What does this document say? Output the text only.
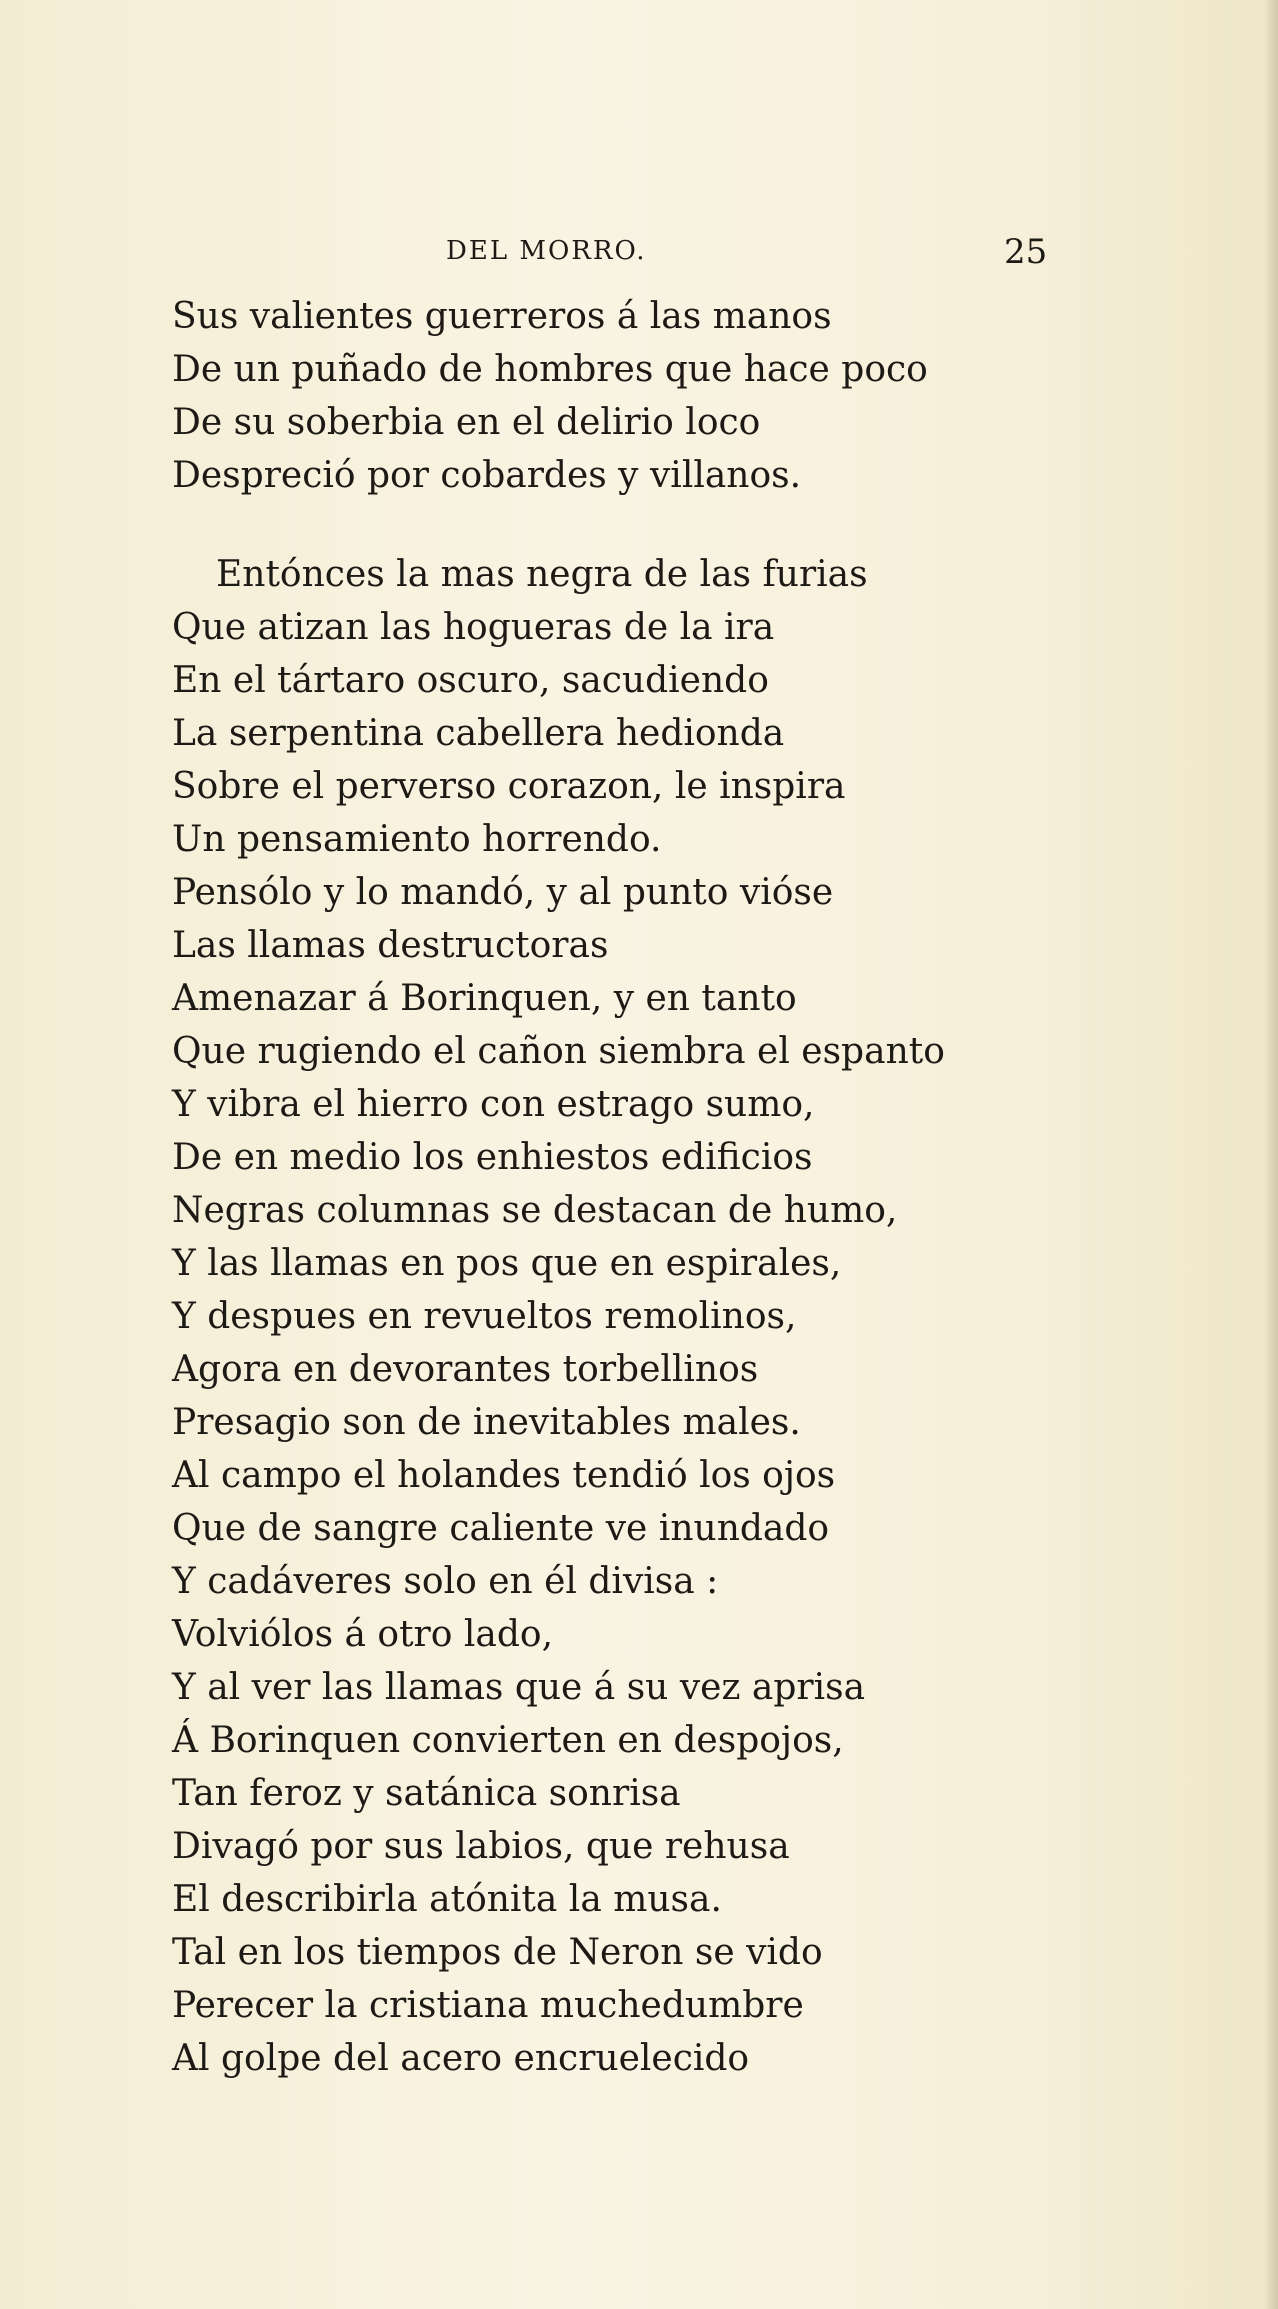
DEL MORRO.	25
Sus valientes guerreros á las manos
De un puñado de hombres que hace poco
De su soberbia en el delirio loco
Despreció por cobardes y villanos.
Entónces la mas negra de las furias
Que atizan las hogueras de la ira
En el tártaro oscuro, sacudiendo
La serpentina cabellera hedionda
Sobre el perverso corazon, le inspira
Un pensamiento horrendo.
Pensólo y lo mandó, y al punto vióse
Las llamas destructoras
Amenazar á Borinquen, y en tanto
Que rugiendo el cañon siembra el espanto
Y vibra el hierro con estrago sumo,
De en medio los enhiestos edificios
Negras columnas se destacan de humo,
Y las llamas en pos que en espirales,
Y despues en revueltos remolinos,
Agora en devorantes torbellinos
Presagio son de inevitables males.
Al campo el holandes tendió los ojos
Que de sangre caliente ve inundado
Y cadáveres solo en él divisa :
Volviólos á otro lado,
Y al ver las llamas que á su vez aprisa
Á Borinquen convierten en despojos,
Tan feroz y satánica sonrisa
Divagó por sus labios, que rehusa
El describirla atónita la musa.
Tal en los tiempos de Neron se vido
Perecer la cristiana muchedumbre
Al golpe del acero encruelecido
